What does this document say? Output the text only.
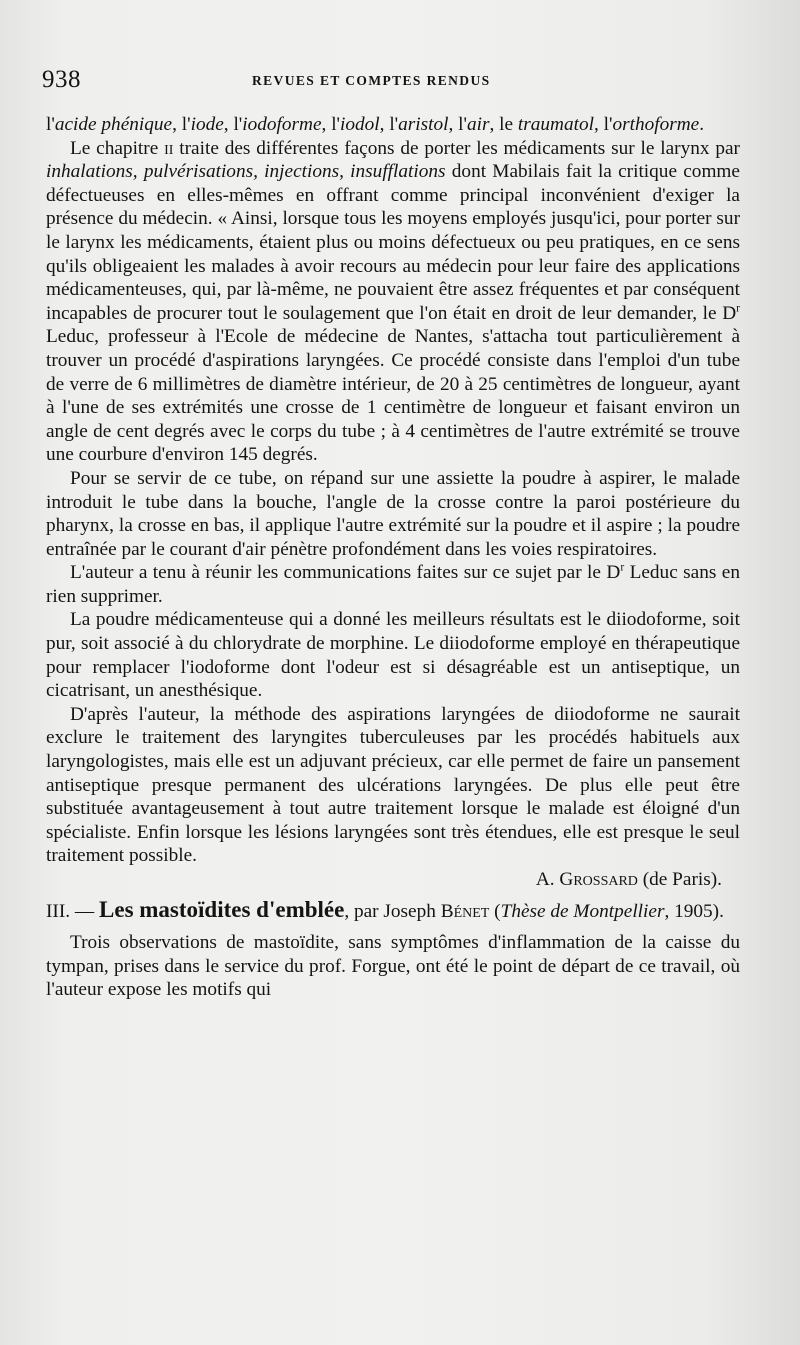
938	REVUES ET COMPTES RENDUS

l'acide phénique, l'iode, l'iodoforme, l'iodol, l'aristol, l'air, le traumatol, l'orthoforme.

Le chapitre ii traite des différentes façons de porter les médicaments sur le larynx par inhalations, pulvérisations, injections, insufflations dont Mabilais fait la critique comme défectueuses en elles-mêmes en offrant comme principal inconvénient d'exiger la présence du médecin. « Ainsi, lorsque tous les moyens employés jusqu'ici, pour porter sur le larynx les médicaments, étaient plus ou moins défectueux ou peu pratiques, en ce sens qu'ils obligeaient les malades à avoir recours au médecin pour leur faire des applications médicamenteuses, qui, par là-même, ne pouvaient être assez fréquentes et par conséquent incapables de procurer tout le soulagement que l'on était en droit de leur demander, le $D^r$ Leduc, professeur à l'Ecole de médecine de Nantes, s'attacha tout particulièrement à trouver un procédé d'aspirations laryngées. Ce procédé consiste dans l'emploi d'un tube de verre de 6 millimètres de diamètre intérieur, de 20 à 25 centimètres de longueur, ayant à l'une de ses extrémités une crosse de 1 centimètre de longueur et faisant environ un angle de cent degrés avec le corps du tube ; à 4 centimètres de l'autre extrémité se trouve une courbure d'environ 145 degrés.

Pour se servir de ce tube, on répand sur une assiette la poudre à aspirer, le malade introduit le tube dans la bouche, l'angle de la crosse contre la paroi postérieure du pharynx, la crosse en bas, il applique l'autre extrémité sur la poudre et il aspire ; la poudre entraînée par le courant d'air pénètre profondément dans les voies respiratoires.

L'auteur a tenu à réunir les communications faites sur ce sujet par le $D^r$ Leduc sans en rien supprimer.

La poudre médicamenteuse qui a donné les meilleurs résultats est le diiodoforme, soit pur, soit associé à du chlorydrate de morphine. Le diiodoforme employé en thérapeutique pour remplacer l'iodoforme dont l'odeur est si désagréable est un antiseptique, un cicatrisant, un anesthésique.

D'après l'auteur, la méthode des aspirations laryngées de diiodoforme ne saurait exclure le traitement des laryngites tuberculeuses par les procédés habituels aux laryngologistes, mais elle est un adjuvant précieux, car elle permet de faire un pansement antiseptique presque permanent des ulcérations laryngées. De plus elle peut être substituée avantageusement à tout autre traitement lorsque le malade est éloigné d'un spécialiste. Enfin lorsque les lésions laryngées sont très étendues, elle est presque le seul traitement possible.

A. Grossard (de Paris).

III. — Les mastoïdites d'emblée, par Joseph Bénet (Thèse de Montpellier, 1905).

Trois observations de mastoïdite, sans symptômes d'inflammation de la caisse du tympan, prises dans le service du prof. Forgue, ont été le point de départ de ce travail, où l'auteur expose les motifs qui
